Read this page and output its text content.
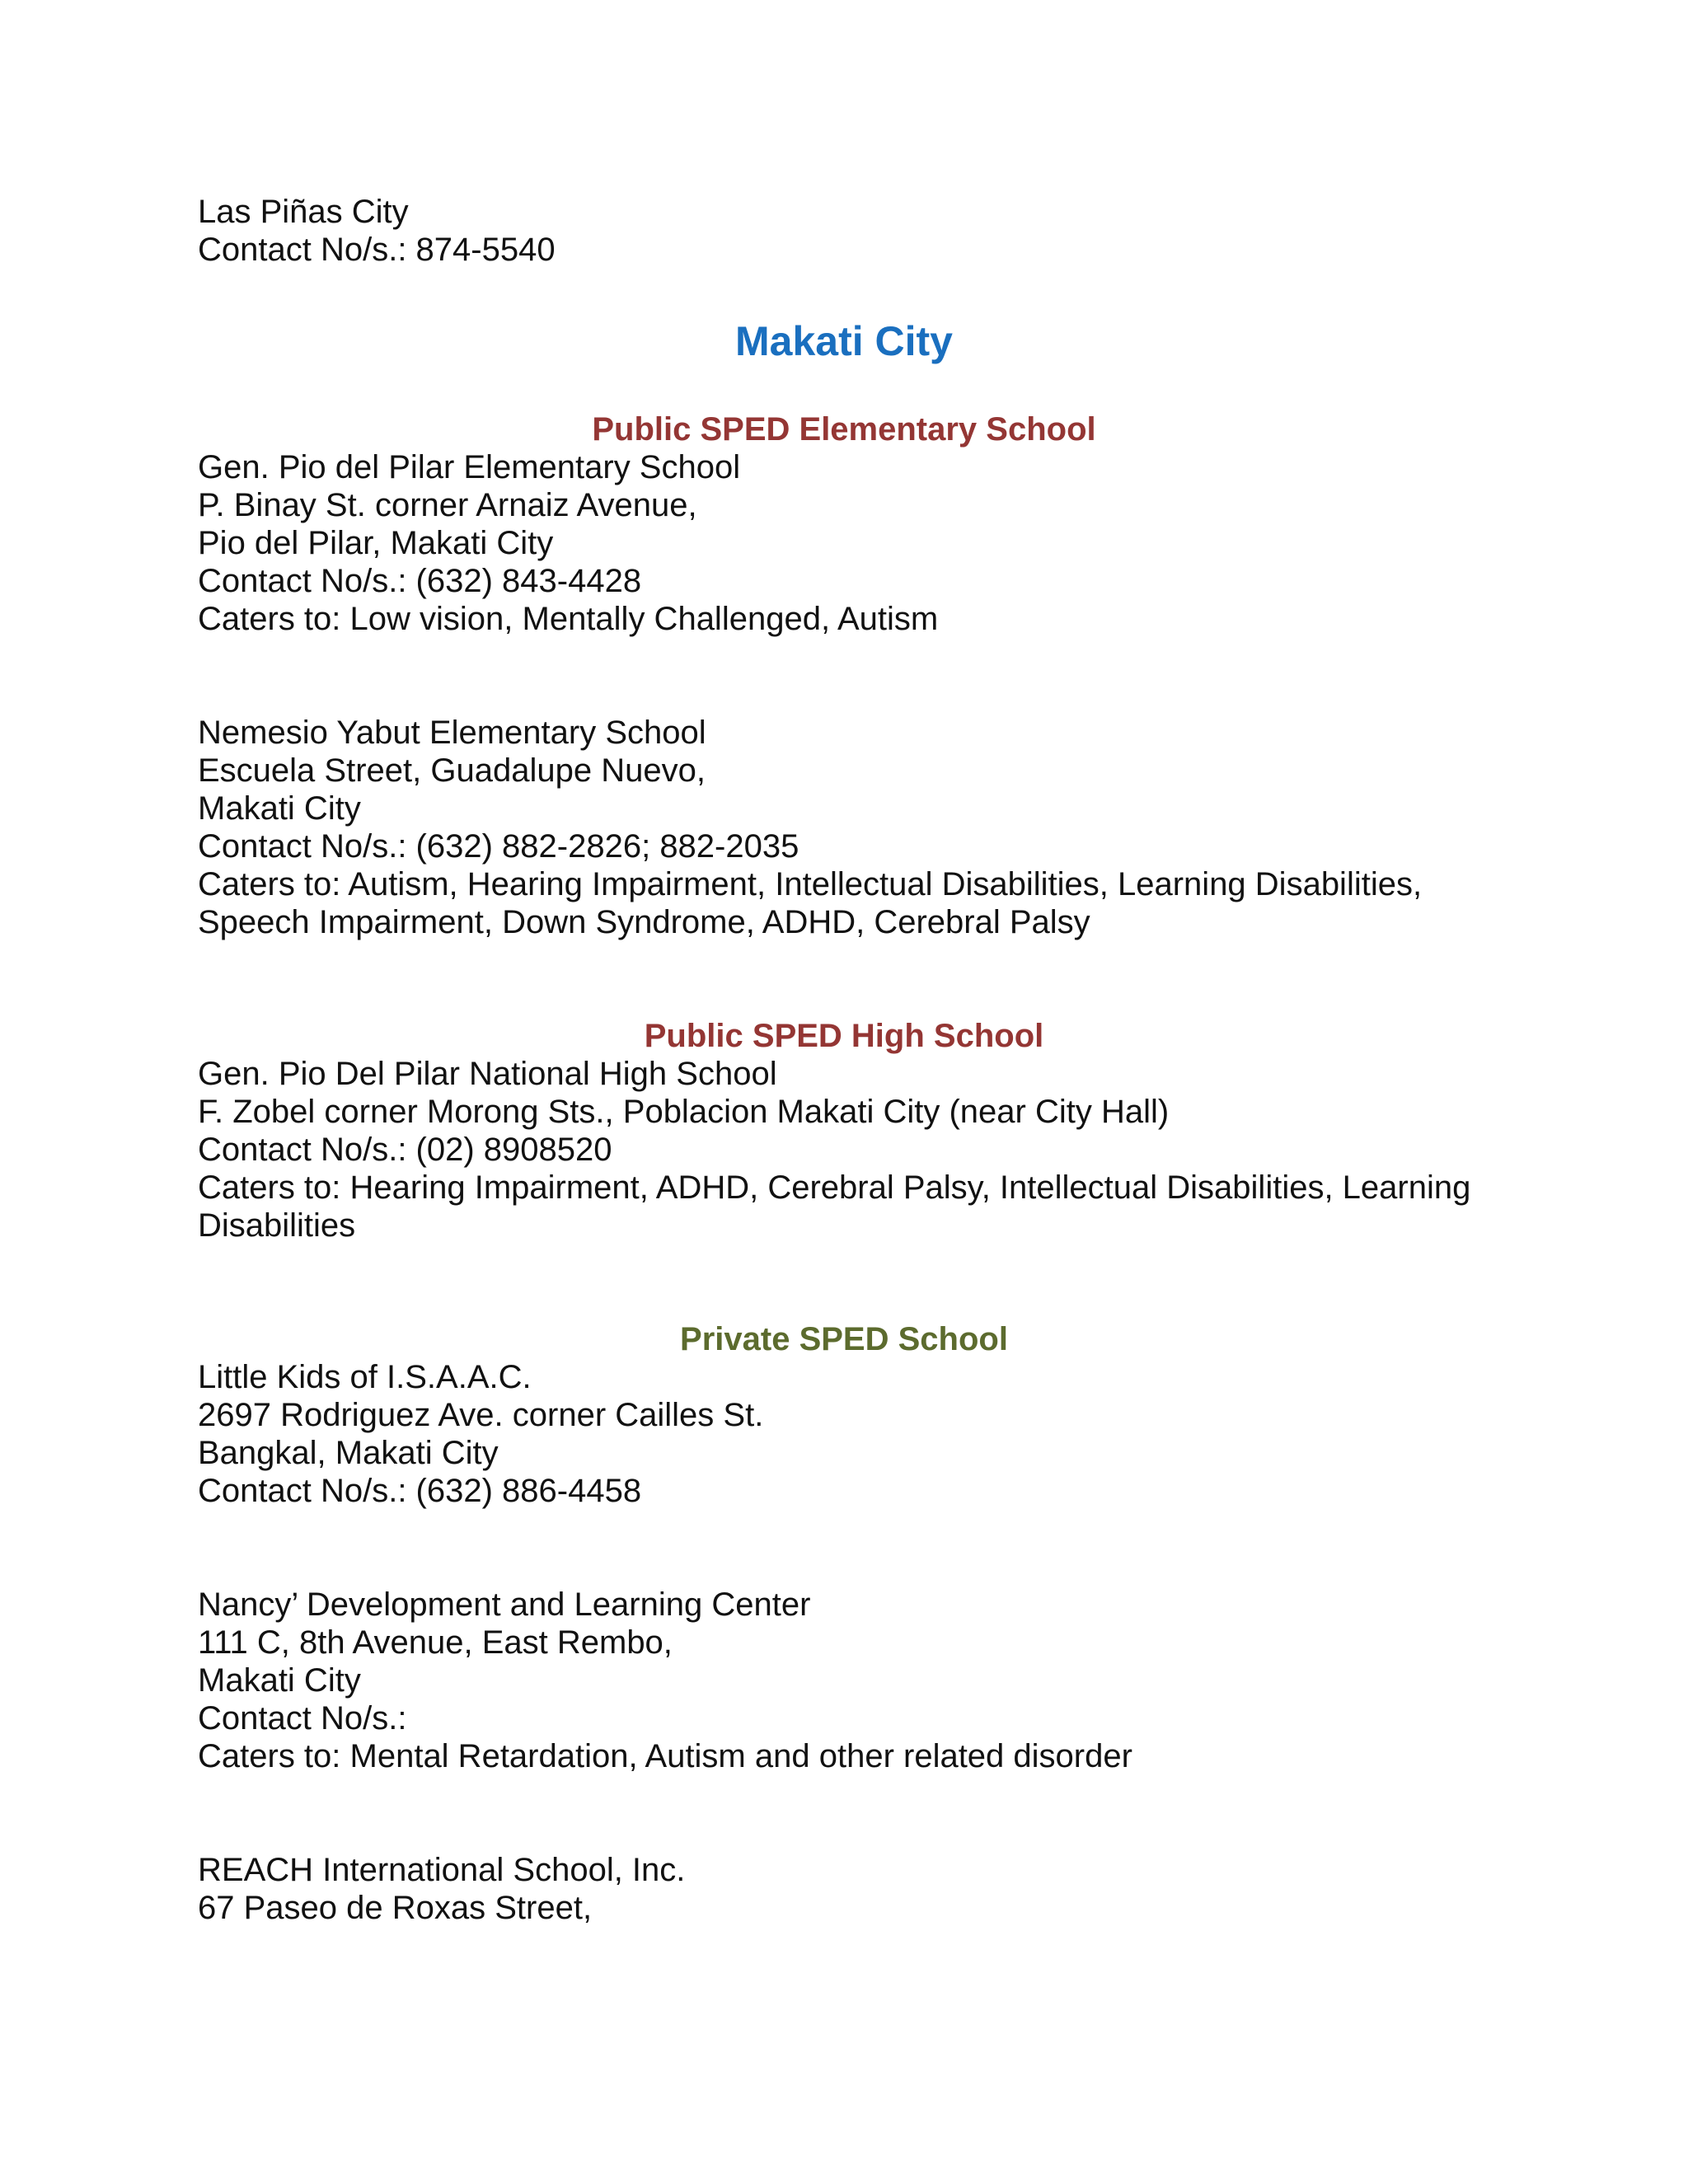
Las Piñas City
Contact No/s.: 874-5540
Makati City
Public SPED Elementary School
Gen. Pio del Pilar Elementary School
P. Binay St. corner Arnaiz Avenue,
Pio del Pilar, Makati City
Contact No/s.: (632) 843-4428
Caters to: Low vision, Mentally Challenged, Autism
Nemesio Yabut Elementary School
Escuela Street, Guadalupe Nuevo,
Makati City
Contact No/s.: (632) 882-2826; 882-2035
Caters to: Autism, Hearing Impairment, Intellectual Disabilities, Learning Disabilities, Speech Impairment, Down Syndrome, ADHD, Cerebral Palsy
Public SPED High School
Gen. Pio Del Pilar National High School
F. Zobel corner Morong Sts., Poblacion Makati City (near City Hall)
Contact No/s.: (02) 8908520
Caters to: Hearing Impairment, ADHD, Cerebral Palsy, Intellectual Disabilities, Learning Disabilities
Private SPED School
Little Kids of I.S.A.A.C.
2697 Rodriguez Ave. corner Cailles St.
Bangkal, Makati City
Contact No/s.: (632) 886-4458
Nancy’ Development and Learning Center
111 C, 8th Avenue, East Rembo,
Makati City
Contact No/s.:
Caters to: Mental Retardation, Autism and other related disorder
REACH International School, Inc.
67 Paseo de Roxas Street,
